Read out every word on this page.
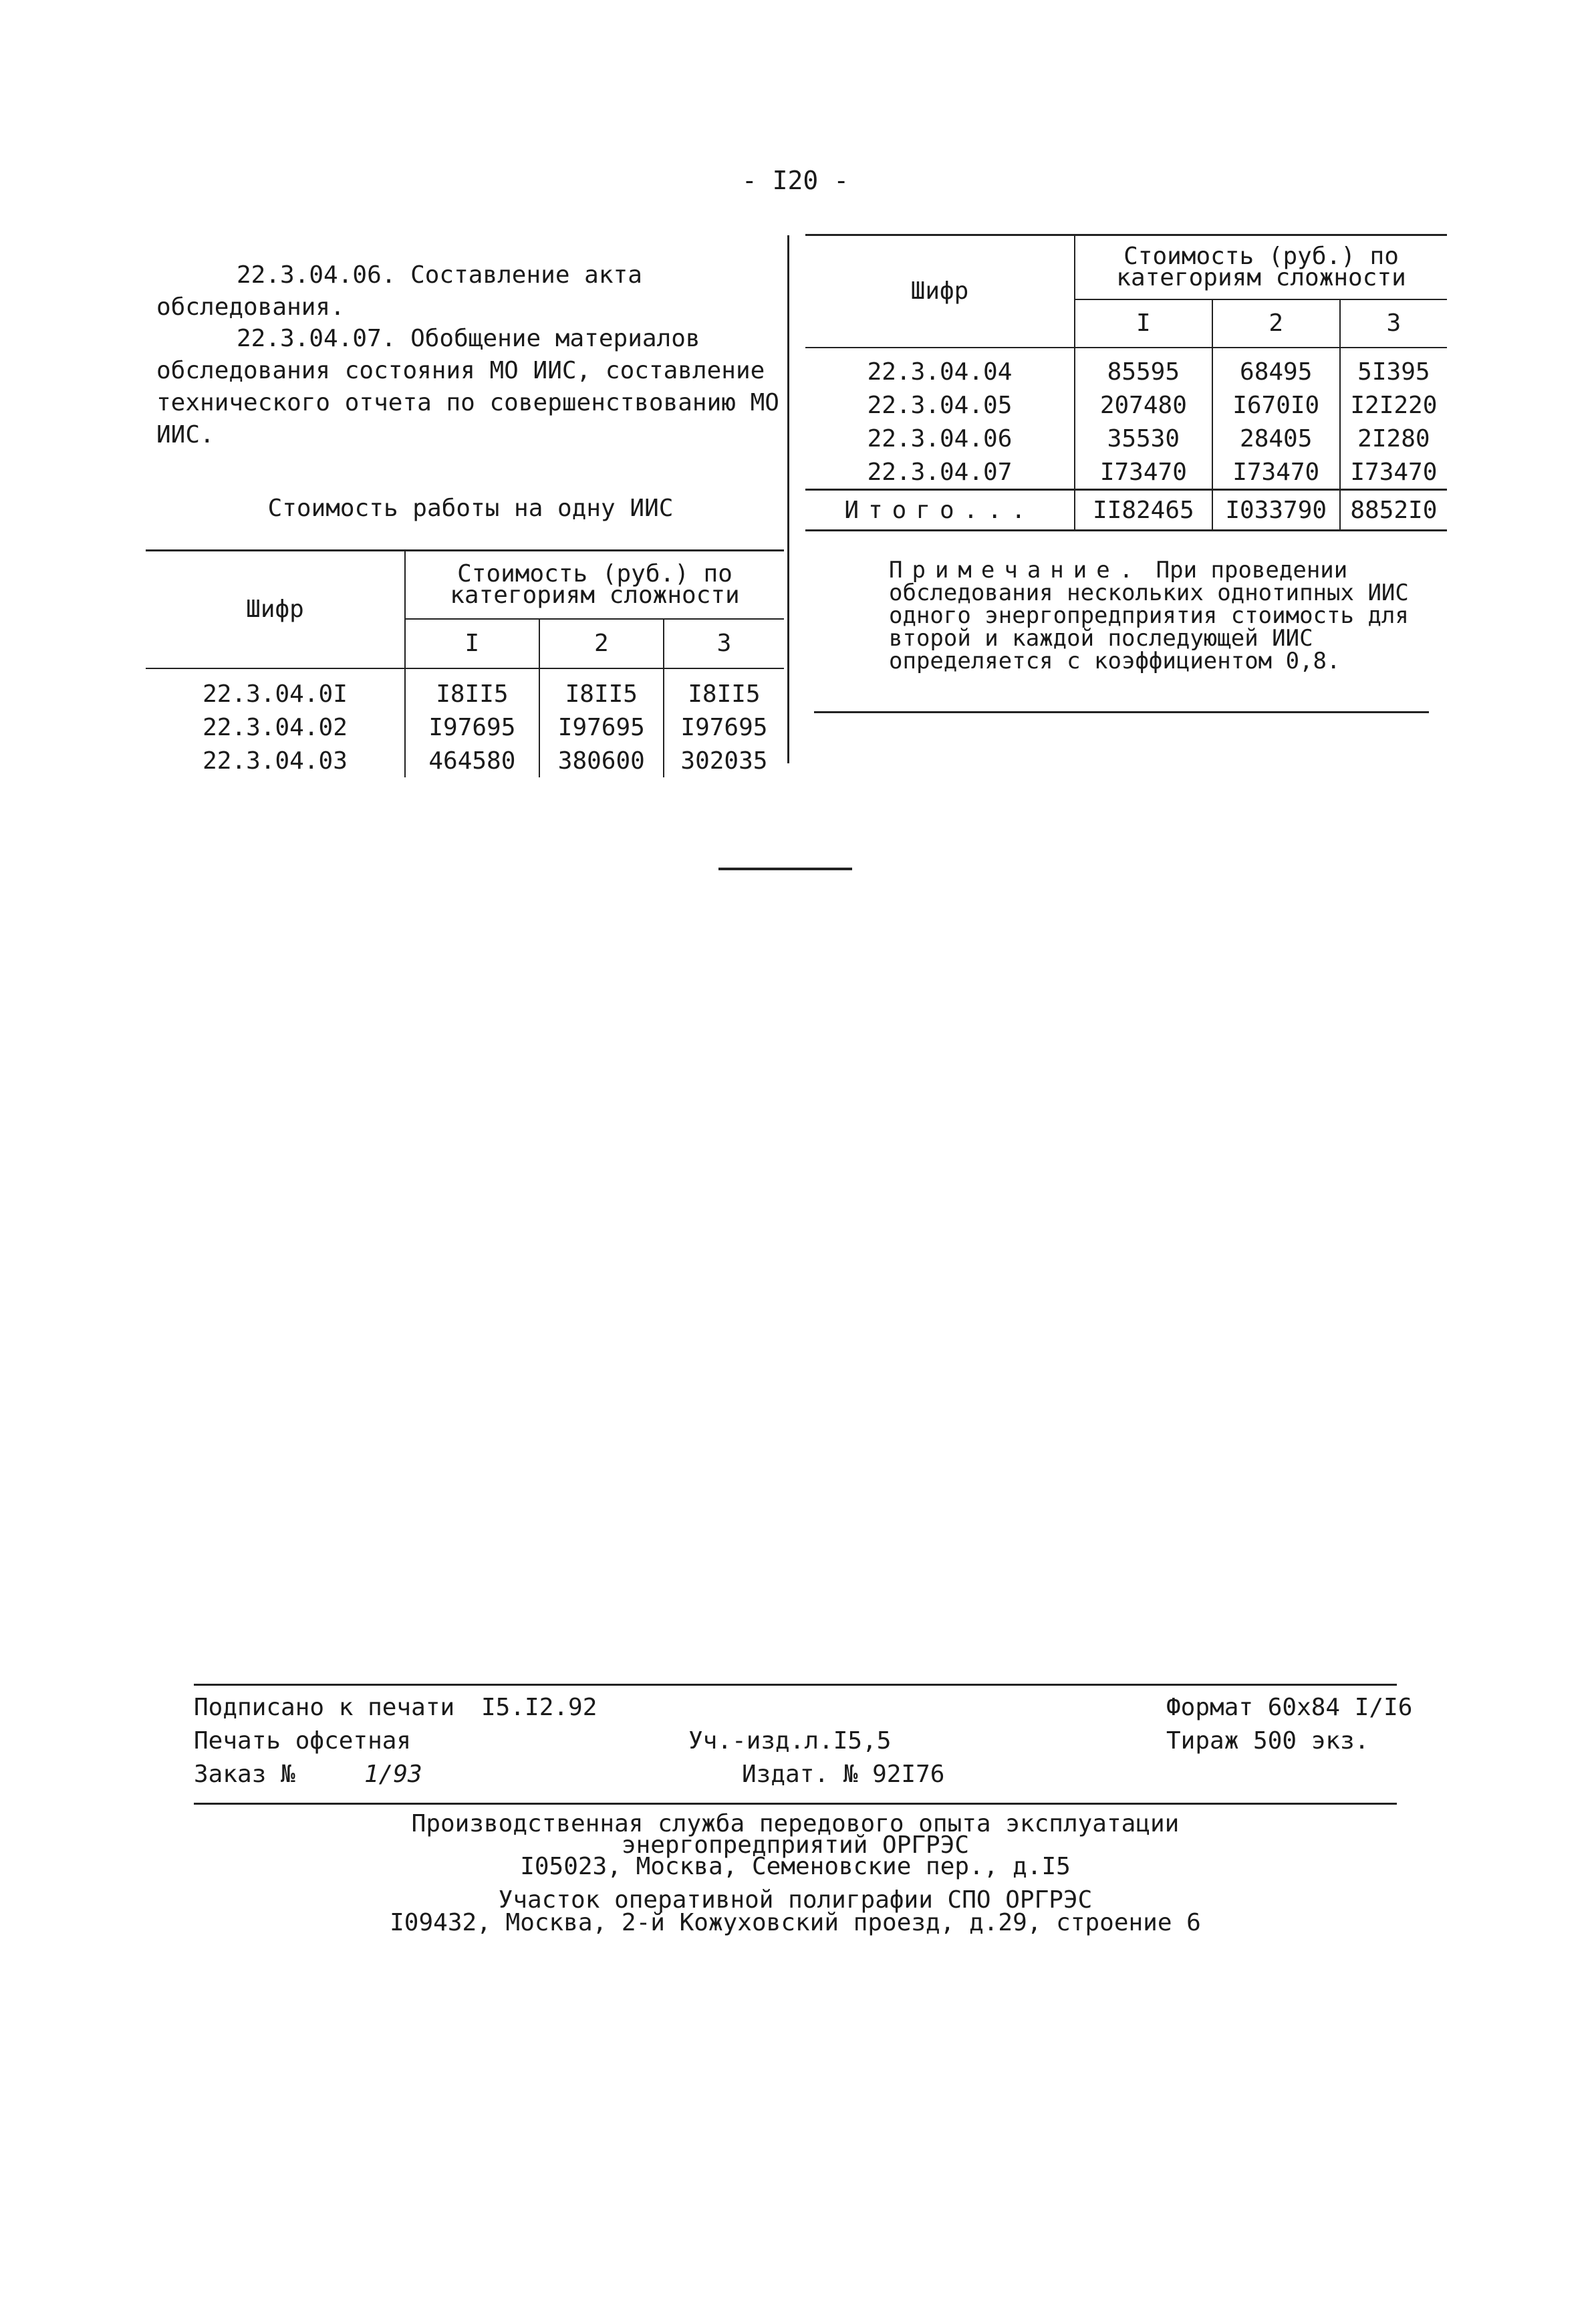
- I20 -
22.3.04.06. Составление акта обследования.
22.3.04.07. Обобщение материалов обследования состояния МО ИИС, составление технического отчета по совершенствованию МО ИИС.
Стоимость работы на одну ИИС
Шифр	Стоимость (руб.) по категориям сложности		
	I	2	3
22.3.04.0I	I8II5	I8II5	I8II5
22.3.04.02	I97695	I97695	I97695
22.3.04.03	464580	380600	302035
Шифр	Стоимость (руб.) по категориям сложности		
	I	2	3
22.3.04.04	85595	68495	5I395
22.3.04.05	207480	I670I0	I2I220
22.3.04.06	35530	28405	2I280
22.3.04.07	I73470	I73470	I73470
Итого...	II82465	I033790	8852I0
Примечание. При проведении обследования нескольких однотипных ИИС одного энергопредприятия стоимость для второй и каждой последующей ИИС определяется с коэффициентом 0,8.
Подписано к печати I5.I2.92
Печать офсетная
Заказ №	1/93
Уч.-изд.л.I5,5
Издат. № 92I76
Формат 60x84 I/I6
Тираж 500 экз.
Производственная служба передового опыта эксплуатации
энергопредприятий ОРГРЭС
I05023, Москва, Семеновские пер., д.I5
Участок оперативной полиграфии СПО ОРГРЭС
I09432, Москва, 2-й Кожуховский проезд, д.29, строение 6
